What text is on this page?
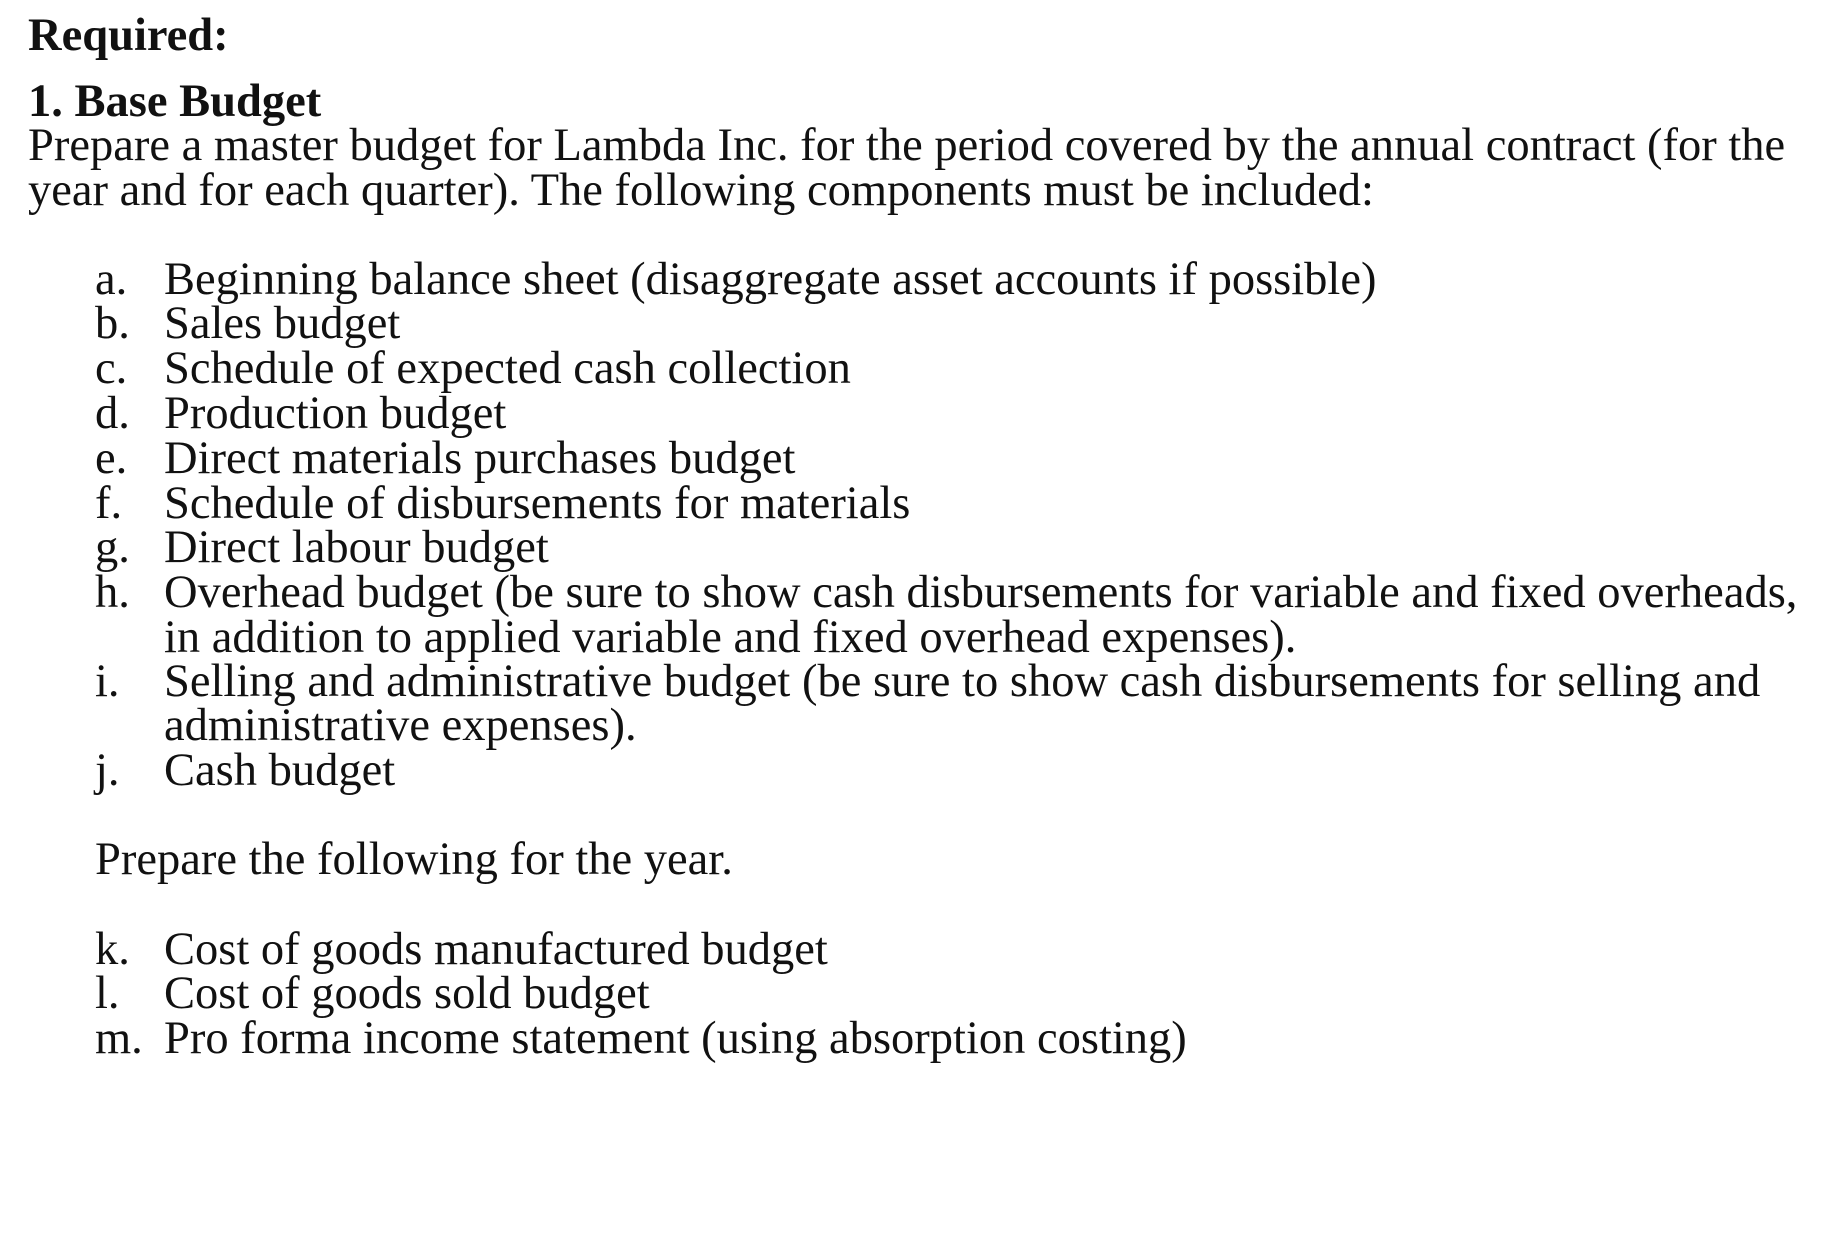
Required:
1. Base Budget
Prepare a master budget for Lambda Inc. for the period covered by the annual contract (for the
year and for each quarter). The following components must be included:
a. Beginning balance sheet (disaggregate asset accounts if possible)
b. Sales budget
c. Schedule of expected cash collection
d. Production budget
e. Direct materials purchases budget
f. Schedule of disbursements for materials
g. Direct labour budget
h. Overhead budget (be sure to show cash disbursements for variable and fixed overheads,
in addition to applied variable and fixed overhead expenses).
i. Selling and administrative budget (be sure to show cash disbursements for selling and
administrative expenses).
j. Cash budget
Prepare the following for the year.
k. Cost of goods manufactured budget
l. Cost of goods sold budget
m. Pro forma income statement (using absorption costing)
